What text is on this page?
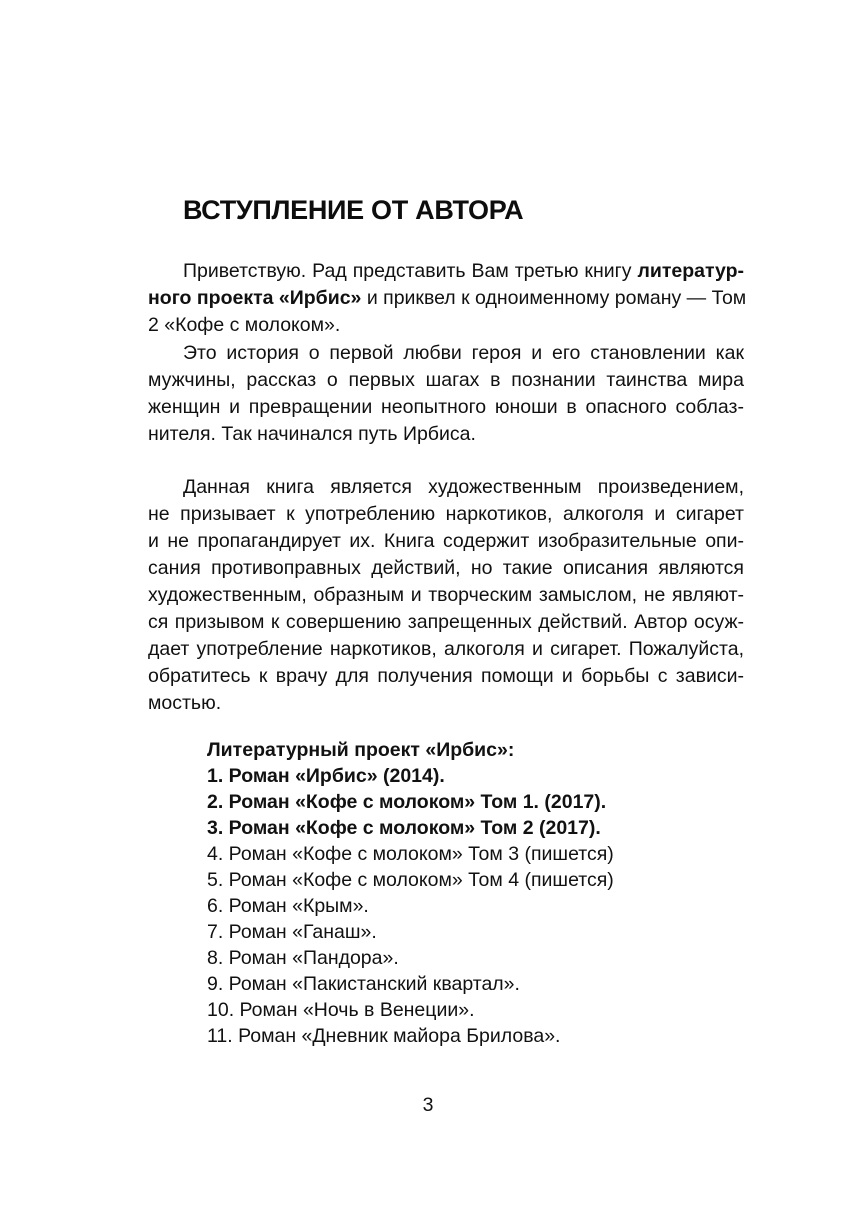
ВСТУПЛЕНИЕ ОТ АВТОРА
Приветствую. Рад представить Вам третью книгу литератур-
ного проекта «Ирбис» и приквел к одноименному роману — Том
2 «Кофе с молоком».
Это история о первой любви героя и его становлении как
мужчины, рассказ о первых шагах в познании таинства мира
женщин и превращении неопытного юноши в опасного соблаз-
нителя. Так начинался путь Ирбиса.
Данная книга является художественным произведением,
не призывает к употреблению наркотиков, алкоголя и сигарет
и не пропагандирует их. Книга содержит изобразительные опи-
сания противоправных действий, но такие описания являются
художественным, образным и творческим замыслом, не являют-
ся призывом к совершению запрещенных действий. Автор осуж-
дает употребление наркотиков, алкоголя и сигарет. Пожалуйста,
обратитесь к врачу для получения помощи и борьбы с зависи-
мостью.
Литературный проект «Ирбис»:
1. Роман «Ирбис» (2014).
2. Роман «Кофе с молоком» Том 1. (2017).
3. Роман «Кофе с молоком» Том 2 (2017).
4. Роман «Кофе с молоком» Том 3 (пишется)
5. Роман «Кофе с молоком» Том 4 (пишется)
6. Роман «Крым».
7. Роман «Ганаш».
8. Роман «Пандора».
9. Роман «Пакистанский квартал».
10. Роман «Ночь в Венеции».
11. Роман «Дневник майора Брилова».
3
